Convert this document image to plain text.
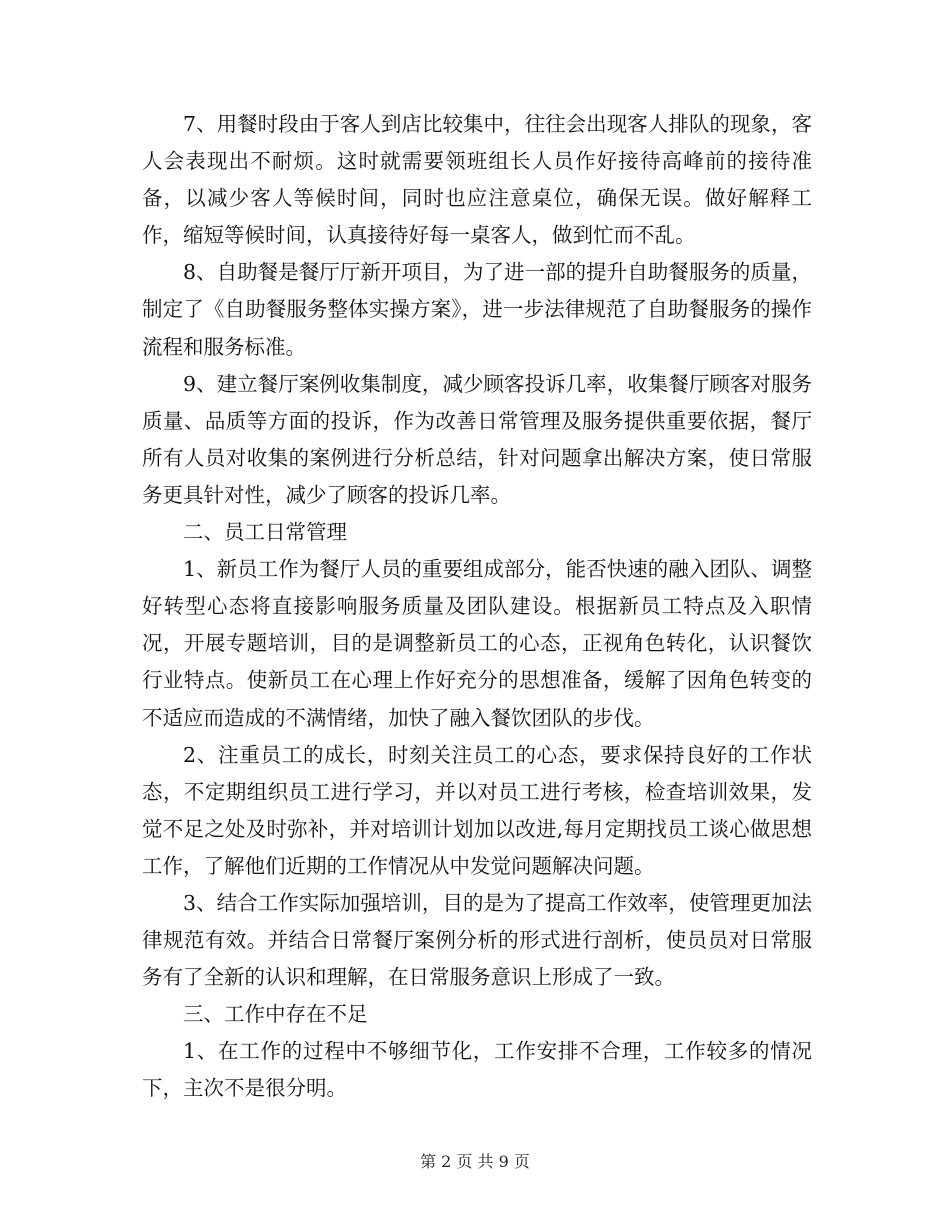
7、用餐时段由于客人到店比较集中，往往会出现客人排队的现象，客人会表现出不耐烦。这时就需要领班组长人员作好接待高峰前的接待准备，以减少客人等候时间，同时也应注意桌位，确保无误。做好解释工作，缩短等候时间，认真接待好每一桌客人，做到忙而不乱。

8、自助餐是餐厅厅新开项目，为了进一部的提升自助餐服务的质量，制定了《自助餐服务整体实操方案》，进一步法律规范了自助餐服务的操作流程和服务标准。

9、建立餐厅案例收集制度，减少顾客投诉几率，收集餐厅顾客对服务质量、品质等方面的投诉，作为改善日常管理及服务提供重要依据，餐厅所有人员对收集的案例进行分析总结，针对问题拿出解决方案，使日常服务更具针对性，减少了顾客的投诉几率。

二、员工日常管理

1、新员工作为餐厅人员的重要组成部分，能否快速的融入团队、调整好转型心态将直接影响服务质量及团队建设。根据新员工特点及入职情况，开展专题培训，目的是调整新员工的心态，正视角色转化，认识餐饮行业特点。使新员工在心理上作好充分的思想准备，缓解了因角色转变的不适应而造成的不满情绪，加快了融入餐饮团队的步伐。

2、注重员工的成长，时刻关注员工的心态，要求保持良好的工作状态，不定期组织员工进行学习，并以对员工进行考核，检查培训效果，发觉不足之处及时弥补，并对培训计划加以改进,每月定期找员工谈心做思想工作，了解他们近期的工作情况从中发觉问题解决问题。

3、结合工作实际加强培训，目的是为了提高工作效率，使管理更加法律规范有效。并结合日常餐厅案例分析的形式进行剖析，使员员对日常服务有了全新的认识和理解，在日常服务意识上形成了一致。

三、工作中存在不足

1、在工作的过程中不够细节化，工作安排不合理，工作较多的情况下，主次不是很分明。

第 2 页 共 9 页
